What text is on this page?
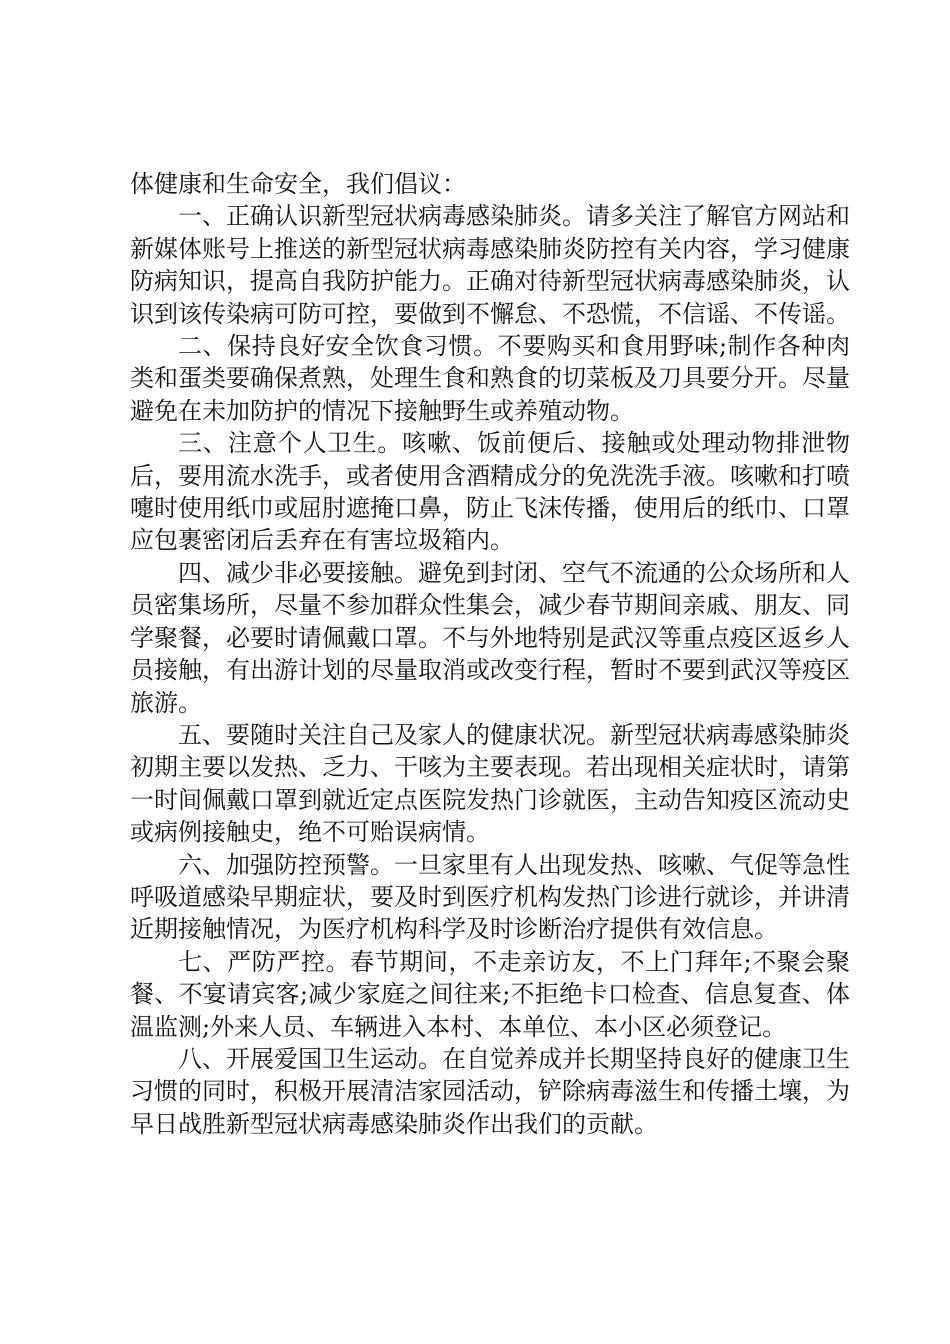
体健康和生命安全，我们倡议：

一、正确认识新型冠状病毒感染肺炎。请多关注了解官方网站和新媒体账号上推送的新型冠状病毒感染肺炎防控有关内容，学习健康防病知识，提高自我防护能力。正确对待新型冠状病毒感染肺炎，认识到该传染病可防可控，要做到不懈怠、不恐慌，不信谣、不传谣。

二、保持良好安全饮食习惯。不要购买和食用野味;制作各种肉类和蛋类要确保煮熟，处理生食和熟食的切菜板及刀具要分开。尽量避免在未加防护的情况下接触野生或养殖动物。

三、注意个人卫生。咳嗽、饭前便后、接触或处理动物排泄物后，要用流水洗手，或者使用含酒精成分的免洗洗手液。咳嗽和打喷嚏时使用纸巾或屈肘遮掩口鼻，防止飞沫传播，使用后的纸巾、口罩应包裹密闭后丢弃在有害垃圾箱内。

四、减少非必要接触。避免到封闭、空气不流通的公众场所和人员密集场所，尽量不参加群众性集会，减少春节期间亲戚、朋友、同学聚餐，必要时请佩戴口罩。不与外地特别是武汉等重点疫区返乡人员接触，有出游计划的尽量取消或改变行程，暂时不要到武汉等疫区旅游。

五、要随时关注自己及家人的健康状况。新型冠状病毒感染肺炎初期主要以发热、乏力、干咳为主要表现。若出现相关症状时，请第一时间佩戴口罩到就近定点医院发热门诊就医，主动告知疫区流动史或病例接触史，绝不可贻误病情。

六、加强防控预警。一旦家里有人出现发热、咳嗽、气促等急性呼吸道感染早期症状，要及时到医疗机构发热门诊进行就诊，并讲清近期接触情况，为医疗机构科学及时诊断治疗提供有效信息。

七、严防严控。春节期间，不走亲访友，不上门拜年;不聚会聚餐、不宴请宾客;减少家庭之间往来;不拒绝卡口检查、信息复查、体温监测;外来人员、车辆进入本村、本单位、本小区必须登记。

八、开展爱国卫生运动。在自觉养成并长期坚持良好的健康卫生习惯的同时，积极开展清洁家园活动，铲除病毒滋生和传播土壤，为早日战胜新型冠状病毒感染肺炎作出我们的贡献。
